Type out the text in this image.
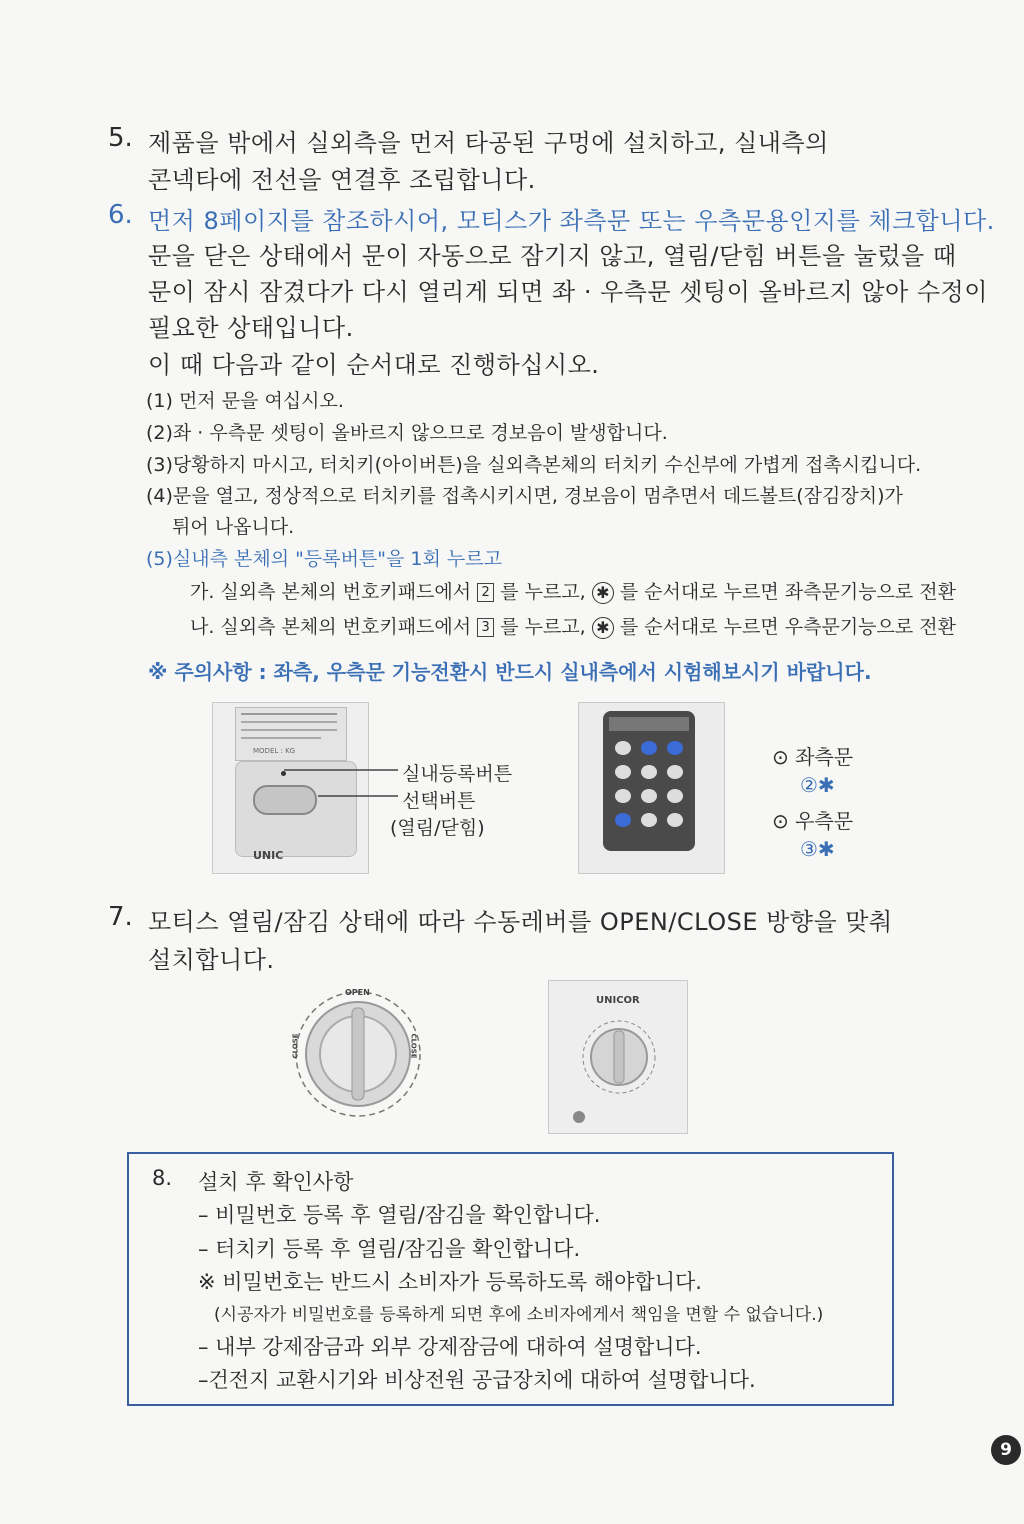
5. 제품을 밖에서 실외측을 먼저 타공된 구멍에 설치하고, 실내측의
콘넥타에 전선을 연결후 조립합니다.
6. 먼저 8페이지를 참조하시어, 모티스가 좌측문 또는 우측문용인지를 체크합니다.
문을 닫은 상태에서 문이 자동으로 잠기지 않고, 열림/닫힘 버튼을 눌렀을 때
문이 잠시 잠겼다가 다시 열리게 되면 좌 · 우측문 셋팅이 올바르지 않아 수정이
필요한 상태입니다.
이 때 다음과 같이 순서대로 진행하십시오.
(1) 먼저 문을 여십시오.
(2)좌 · 우측문 셋팅이 올바르지 않으므로 경보음이 발생합니다.
(3)당황하지 마시고, 터치키(아이버튼)을 실외측본체의 터치키 수신부에 가볍게 접촉시킵니다.
(4)문을 열고, 정상적으로 터치키를 접촉시키시면, 경보음이 멈추면서 데드볼트(잠김장치)가
튀어 나옵니다.
(5)실내측 본체의 "등록버튼"을 1회 누르고
가. 실외측 본체의 번호키패드에서 2 를 누르고, ✱ 를 순서대로 누르면 좌측문기능으로 전환
나. 실외측 본체의 번호키패드에서 3 를 누르고, ✱ 를 순서대로 누르면 우측문기능으로 전환
※ 주의사항 : 좌측, 우측문 기능전환시 반드시 실내측에서 시험해보시기 바랍니다.
MODEL : KG
UNIC
실내등록버튼
선택버튼
(열림/닫힘)
⊙ 좌측문
②✱
⊙ 우측문
③✱
7. 모티스 열림/잠김 상태에 따라 수동레버를 OPEN/CLOSE 방향을 맞춰
설치합니다.
OPEN
CLOSE	CLOSE
UNICOR
8. 설치 후 확인사항
– 비밀번호 등록 후 열림/잠김을 확인합니다.
– 터치키 등록 후 열림/잠김을 확인합니다.
※ 비밀번호는 반드시 소비자가 등록하도록 해야합니다.
(시공자가 비밀번호를 등록하게 되면 후에 소비자에게서 책임을 면할 수 없습니다.)
– 내부 강제잠금과 외부 강제잠금에 대하여 설명합니다.
–건전지 교환시기와 비상전원 공급장치에 대하여 설명합니다.
9
